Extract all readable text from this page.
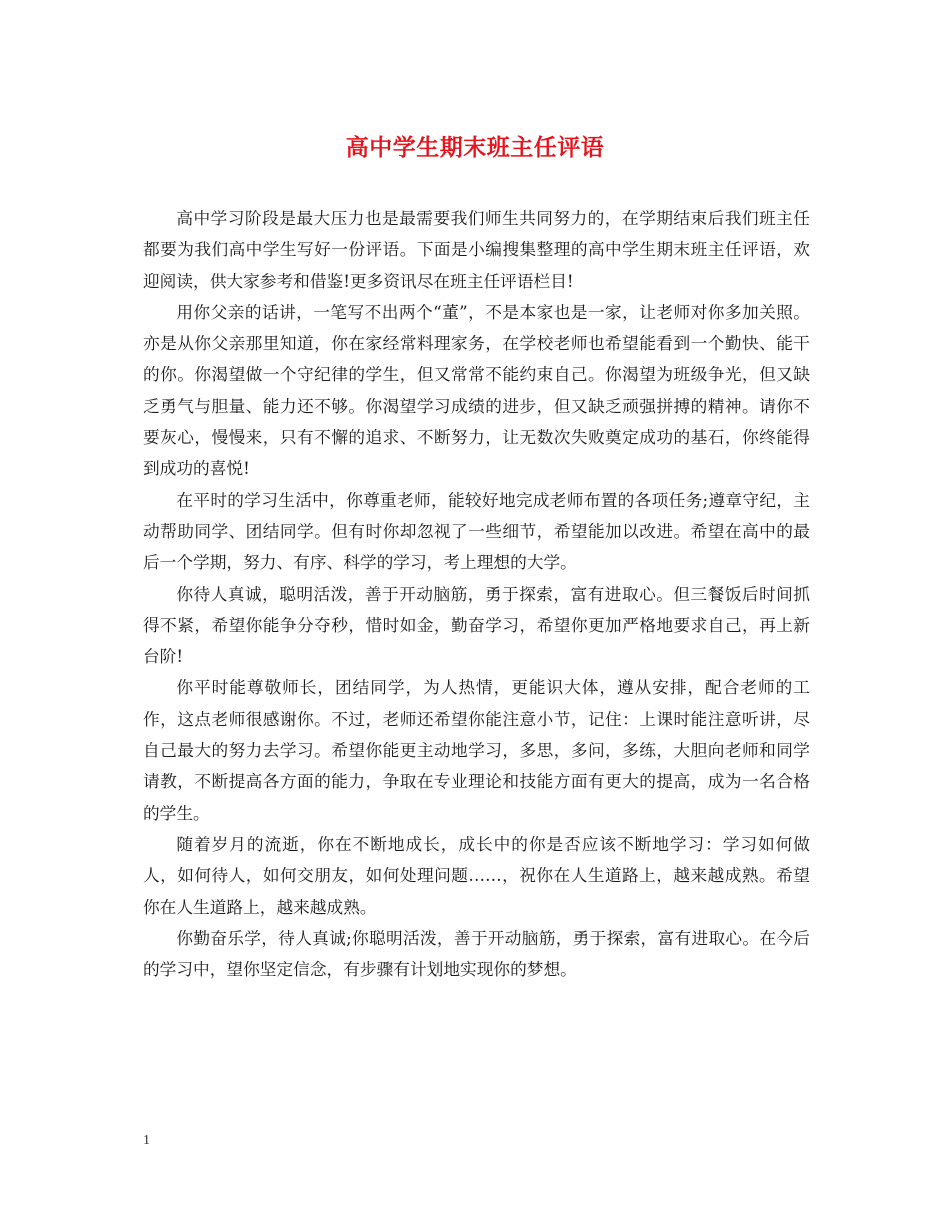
高中学生期末班主任评语

高中学习阶段是最大压力也是最需要我们师生共同努力的，在学期结束后我们班主任都要为我们高中学生写好一份评语。下面是小编搜集整理的高中学生期末班主任评语，欢迎阅读，供大家参考和借鉴!更多资讯尽在班主任评语栏目!

用你父亲的话讲，一笔写不出两个“董”，不是本家也是一家，让老师对你多加关照。亦是从你父亲那里知道，你在家经常料理家务，在学校老师也希望能看到一个勤快、能干的你。你渴望做一个守纪律的学生，但又常常不能约束自己。你渴望为班级争光，但又缺乏勇气与胆量、能力还不够。你渴望学习成绩的进步，但又缺乏顽强拼搏的精神。请你不要灰心，慢慢来，只有不懈的追求、不断努力，让无数次失败奠定成功的基石，你终能得到成功的喜悦!

在平时的学习生活中，你尊重老师，能较好地完成老师布置的各项任务;遵章守纪，主动帮助同学、团结同学。但有时你却忽视了一些细节，希望能加以改进。希望在高中的最后一个学期，努力、有序、科学的学习，考上理想的大学。

你待人真诚，聪明活泼，善于开动脑筋，勇于探索，富有进取心。但三餐饭后时间抓得不紧，希望你能争分夺秒，惜时如金，勤奋学习，希望你更加严格地要求自己，再上新台阶!

你平时能尊敬师长，团结同学，为人热情，更能识大体，遵从安排，配合老师的工作，这点老师很感谢你。不过，老师还希望你能注意小节，记住：上课时能注意听讲，尽自己最大的努力去学习。希望你能更主动地学习，多思，多问，多练，大胆向老师和同学请教，不断提高各方面的能力，争取在专业理论和技能方面有更大的提高，成为一名合格的学生。

随着岁月的流逝，你在不断地成长，成长中的你是否应该不断地学习：学习如何做人，如何待人，如何交朋友，如何处理问题……，祝你在人生道路上，越来越成熟。希望你在人生道路上，越来越成熟。

你勤奋乐学，待人真诚;你聪明活泼，善于开动脑筋，勇于探索，富有进取心。在今后的学习中，望你坚定信念，有步骤有计划地实现你的梦想。

1
